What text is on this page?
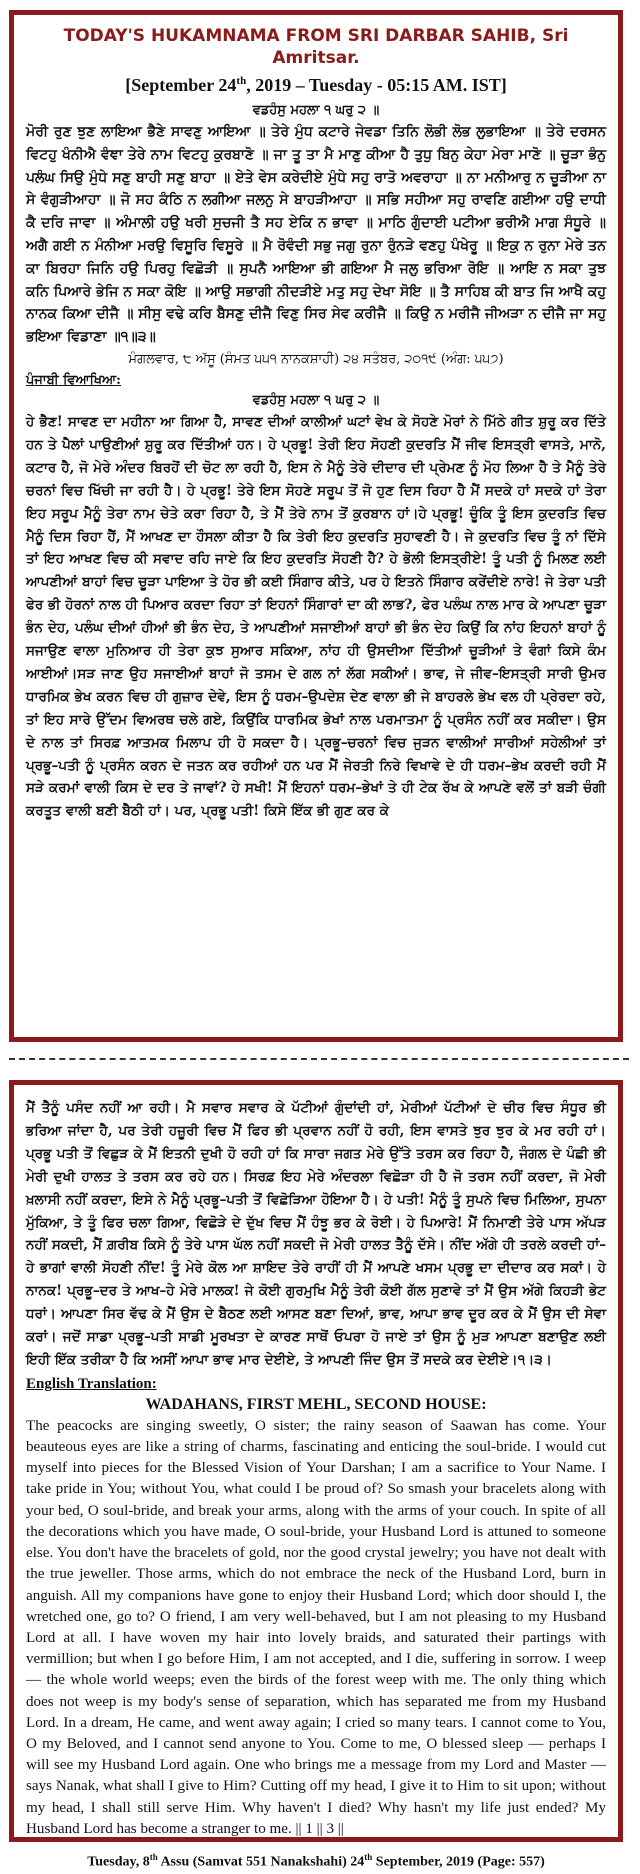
TODAY'S HUKAMNAMA FROM SRI DARBAR SAHIB, Sri Amritsar.
[September 24th, 2019 – Tuesday - 05:15 AM. IST]
ਵਡਹੰਸੁ ਮਹਲਾ ੧ ਘਰੁ ੨ ॥
ਮੋਰੀ ਰੁਣ ਝੁਣ ਲਾਇਆ ਭੈਣੇ ਸਾਵਣੁ ਆਇਆ ॥ ਤੇਰੇ ਮੁੰਧ ਕਟਾਰੇ ਜੇਵਡਾ ਤਿਨਿ ਲੋਭੀ ਲੋਭ ਲੁਭਾਇਆ ॥ ਤੇਰੇ ਦਰਸਨ ਵਿਟਹੁ ਖੰਨੀਐ ਵੰਞਾ ਤੇਰੇ ਨਾਮ ਵਿਟਹੁ ਕੁਰਬਾਣੋ ॥ ਜਾ ਤੂ ਤਾ ਮੈ ਮਾਣੁ ਕੀਆ ਹੈ ਤੁਧੁ ਬਿਨੁ ਕੇਹਾ ਮੇਰਾ ਮਾਣੋ ॥ ਚੂੜਾ ਭੰਨੁ ਪਲੰਘ ਸਿਉ ਮੁੰਧੇ ਸਣੁ ਬਾਹੀ ਸਣੁ ਬਾਹਾ ॥ ਏਤੇ ਵੇਸ ਕਰੇਦੀਏ ਮੁੰਧੇ ਸਹੁ ਰਾਤੋ ਅਵਰਾਹਾ ॥ ਨਾ ਮਨੀਆਰੁ ਨ ਚੂੜੀਆ ਨਾ ਸੇ ਵੰਗੁੜੀਆਹਾ ॥ ਜੋ ਸਹ ਕੰਠਿ ਨ ਲਗੀਆ ਜਲਨੁ ਸੇ ਬਾਹੜੀਆਹਾ ॥ ਸਭਿ ਸਹੀਆ ਸਹੁ ਰਾਵਣਿ ਗਈਆ ਹਉ ਦਾਧੀ ਕੈ ਦਰਿ ਜਾਵਾ ॥ ਅੰਮਾਲੀ ਹਉ ਖਰੀ ਸੁਚਜੀ ਤੈ ਸਹ ਏਕਿ ਨ ਭਾਵਾ ॥ ਮਾਠਿ ਗੁੰਦਾਈ ਪਟੀਆ ਭਰੀਐ ਮਾਗ ਸੰਧੂਰੇ ॥ ਅਗੈ ਗਈ ਨ ਮੰਨੀਆ ਮਰਉ ਵਿਸੂਰਿ ਵਿਸੂਰੇ ॥ ਮੈ ਰੋਵੰਦੀ ਸਭੁ ਜਗੁ ਰੁਨਾ ਰੁੰਨੜੇ ਵਣਹੁ ਪੰਖੇਰੂ ॥ ਇਕੁ ਨ ਰੁਨਾ ਮੇਰੇ ਤਨ ਕਾ ਬਿਰਹਾ ਜਿਨਿ ਹਉ ਪਿਰਹੁ ਵਿਛੋੜੀ ॥ ਸੁਪਨੈ ਆਇਆ ਭੀ ਗਇਆ ਮੈ ਜਲੁ ਭਰਿਆ ਰੋਇ ॥ ਆਇ ਨ ਸਕਾ ਤੁਝ ਕਨਿ ਪਿਆਰੇ ਭੇਜਿ ਨ ਸਕਾ ਕੋਇ ॥ ਆਉ ਸਭਾਗੀ ਨੀਦੜੀਏ ਮਤੁ ਸਹੁ ਦੇਖਾ ਸੋਇ ॥ ਤੈ ਸਾਹਿਬ ਕੀ ਬਾਤ ਜਿ ਆਖੈ ਕਹੁ ਨਾਨਕ ਕਿਆ ਦੀਜੈ ॥ ਸੀਸੁ ਵਢੇ ਕਰਿ ਬੈਸਣੁ ਦੀਜੈ ਵਿਣੁ ਸਿਰ ਸੇਵ ਕਰੀਜੈ ॥ ਕਿਉ ਨ ਮਰੀਜੈ ਜੀਅੜਾ ਨ ਦੀਜੈ ਜਾ ਸਹੁ ਭਇਆ ਵਿਡਾਣਾ ॥੧॥੩॥
ਮੰਗਲਵਾਰ, ੮ ਅੱਸੂ (ਸੰਮਤ ੫੫੧ ਨਾਨਕਸ਼ਾਹੀ) ੨੪ ਸਤੰਬਰ, ੨੦੧੯ (ਅੰਗ: ੫੫੭)
ਪੰਜਾਬੀ ਵਿਆਖਿਆ:
ਵਡਹੰਸੁ ਮਹਲਾ ੧ ਘਰੁ ੨ ॥
ਹੇ ਭੈਣ! ਸਾਵਣ ਦਾ ਮਹੀਨਾ ਆ ਗਿਆ ਹੈ, ਸਾਵਣ ਦੀਆਂ ਕਾਲੀਆਂ ਘਟਾਂ ਵੇਖ ਕੇ ਸੋਹਣੇ ਮੋਰਾਂ ਨੇ ਮਿੱਠੇ ਗੀਤ ਸ਼ੁਰੂ ਕਰ ਦਿੱਤੇ ਹਨ ਤੇ ਪੈਲਾਂ ਪਾਉਣੀਆਂ ਸ਼ੁਰੂ ਕਰ ਦਿੱਤੀਆਂ ਹਨ। ਹੇ ਪ੍ਰਭੂ! ਤੇਰੀ ਇਹ ਸੋਹਣੀ ਕੁਦਰਤਿ ਮੈਂ ਜੀਵ ਇਸਤ੍ਰੀ ਵਾਸਤੇ, ਮਾਨੋ, ਕਟਾਰ ਹੈ, ਜੋ ਮੇਰੇ ਅੰਦਰ ਬਿਰਹੋਂ ਦੀ ਚੋਟ ਲਾ ਰਹੀ ਹੈ, ਇਸ ਨੇ ਮੈਨੂੰ ਤੇਰੇ ਦੀਦਾਰ ਦੀ ਪ੍ਰੇਮਣ ਨੂੰ ਮੋਹ ਲਿਆ ਹੈ ਤੇ ਮੈਨੂੰ ਤੇਰੇ ਚਰਨਾਂ ਵਿਚ ਖਿੱਚੀ ਜਾ ਰਹੀ ਹੈ। ਹੇ ਪ੍ਰਭੂ! ਤੇਰੇ ਇਸ ਸੋਹਣੇ ਸਰੂਪ ਤੋਂ ਜੋ ਹੁਣ ਦਿਸ ਰਿਹਾ ਹੈ ਮੈਂ ਸਦਕੇ ਹਾਂ ਸਦਕੇ ਹਾਂ ਤੇਰਾ ਇਹ ਸਰੂਪ ਮੈਨੂੰ ਤੇਰਾ ਨਾਮ ਚੇਤੇ ਕਰਾ ਰਿਹਾ ਹੈ, ਤੇ ਮੈਂ ਤੇਰੇ ਨਾਮ ਤੋਂ ਕੁਰਬਾਨ ਹਾਂ।ਹੇ ਪ੍ਰਭੂ! ਚੂੰਕਿ ਤੂੰ ਇਸ ਕੁਦਰਤਿ ਵਿਚ ਮੈਨੂੰ ਦਿਸ ਰਿਹਾ ਹੈਂ, ਮੈਂ ਆਖਣ ਦਾ ਹੌਸਲਾ ਕੀਤਾ ਹੈ ਕਿ ਤੇਰੀ ਇਹ ਕੁਦਰਤਿ ਸੁਹਾਵਣੀ ਹੈ। ਜੇ ਕੁਦਰਤਿ ਵਿਚ ਤੂੰ ਨਾਂ ਦਿੱਸੇ ਤਾਂ ਇਹ ਆਖਣ ਵਿਚ ਕੀ ਸਵਾਦ ਰਹਿ ਜਾਏ ਕਿ ਇਹ ਕੁਦਰਤਿ ਸੋਹਣੀ ਹੈ? ਹੇ ਭੋਲੀ ਇਸਤ੍ਰੀਏ! ਤੂੰ ਪਤੀ ਨੂੰ ਮਿਲਣ ਲਈ ਆਪਣੀਆਂ ਬਾਹਾਂ ਵਿਚ ਚੂੜਾ ਪਾਇਆ ਤੇ ਹੋਰ ਭੀ ਕਈ ਸਿੰਗਾਰ ਕੀਤੇ, ਪਰ ਹੇ ਇਤਨੇ ਸਿੰਗਾਰ ਕਰੇਂਦੀਏ ਨਾਰੇ! ਜੇ ਤੇਰਾ ਪਤੀ ਫੇਰ ਭੀ ਹੋਰਨਾਂ ਨਾਲ ਹੀ ਪਿਆਰ ਕਰਦਾ ਰਿਹਾ ਤਾਂ ਇਹਨਾਂ ਸਿੰਗਾਰਾਂ ਦਾ ਕੀ ਲਾਭ?, ਫੇਰ ਪਲੰਘ ਨਾਲ ਮਾਰ ਕੇ ਆਪਣਾ ਚੂੜਾ ਭੰਨ ਦੇਹ, ਪਲੰਘ ਦੀਆਂ ਹੀਆਂ ਭੀ ਭੰਨ ਦੇਹ, ਤੇ ਆਪਣੀਆਂ ਸਜਾਈਆਂ ਬਾਹਾਂ ਭੀ ਭੰਨ ਦੇਹ ਕਿਉਂ ਕਿ ਨਾਂਹ ਇਹਨਾਂ ਬਾਹਾਂ ਨੂੰ ਸਜਾਉਣ ਵਾਲਾ ਮੁਨਿਆਰ ਹੀ ਤੇਰਾ ਕੁਝ ਸੁਆਰ ਸਕਿਆ, ਨਾਂਹ ਹੀ ਉਸਦੀਆ ਦਿੱਤੀਆਂ ਚੂੜੀਆਂ ਤੇ ਵੰਗਾਂ ਕਿਸੇ ਕੰਮ ਆਈਆਂ।ਸੜ ਜਾਣ ਉਹ ਸਜਾਈਆਂ ਬਾਹਾਂ ਜੋ ਤਸਮ ਦੇ ਗਲ ਨਾਂ ਲੱਗ ਸਕੀਆਂ। ਭਾਵ, ਜੇ ਜੀਵ–ਇਸਤ੍ਰੀ ਸਾਰੀ ਉਮਰ ਧਾਰਮਿਕ ਭੇਖ ਕਰਨ ਵਿਚ ਹੀ ਗੁਜ਼ਾਰ ਦੇਵੇ, ਇਸ ਨੂੰ ਧਰਮ–ਉਪਦੇਸ਼ ਦੇਣ ਵਾਲਾ ਭੀ ਜੇ ਬਾਹਰਲੇ ਭੇਖ ਵਲ ਹੀ ਪ੍ਰੇਰਦਾ ਰਹੇ, ਤਾਂ ਇਹ ਸਾਰੇ ਉੱਦਮ ਵਿਅਰਥ ਚਲੇ ਗਏ, ਕਿਉਂਕਿ ਧਾਰਮਿਕ ਭੇਖਾਂ ਨਾਲ ਪਰਮਾਤਮਾ ਨੂੰ ਪ੍ਰਸੰਨ ਨਹੀਂ ਕਰ ਸਕੀਦਾ। ਉਸ ਦੇ ਨਾਲ ਤਾਂ ਸਿਰਫ਼ ਆਤਮਕ ਮਿਲਾਪ ਹੀ ਹੋ ਸਕਦਾ ਹੈ। ਪ੍ਰਭੂ–ਚਰਨਾਂ ਵਿਚ ਜੁੜਨ ਵਾਲੀਆਂ ਸਾਰੀਆਂ ਸਹੇਲੀਆਂ ਤਾਂ ਪ੍ਰਭੂ–ਪਤੀ ਨੂੰ ਪ੍ਰਸੰਨ ਕਰਨ ਦੇ ਜਤਨ ਕਰ ਰਹੀਆਂ ਹਨ ਪਰ ਮੈਂ ਜੇਰਤੀ ਨਿਰੇ ਵਿਖਾਵੇ ਦੇ ਹੀ ਧਰਮ–ਭੇਖ ਕਰਦੀ ਰਹੀ ਮੈਂ ਸੜੇ ਕਰਮਾਂ ਵਾਲੀ ਕਿਸ ਦੇ ਦਰ ਤੇ ਜਾਵਾਂ? ਹੇ ਸਖੀ! ਮੈਂ ਇਹਨਾਂ ਧਰਮ–ਭੇਖਾਂ ਤੇ ਹੀ ਟੇਕ ਰੱਖ ਕੇ ਆਪਣੇ ਵਲੋਂ ਤਾਂ ਬੜੀ ਚੰਗੀ ਕਰਤੂਤ ਵਾਲੀ ਬਣੀ ਬੈਠੀ ਹਾਂ। ਪਰ, ਪ੍ਰਭੂ ਪਤੀ! ਕਿਸੇ ਇੱਕ ਭੀ ਗੁਣ ਕਰ ਕੇ
ਮੈਂ ਤੈਨੂੰ ਪਸੰਦ ਨਹੀਂ ਆ ਰਹੀ। ਮੈ ਸਵਾਰ ਸਵਾਰ ਕੇ ਪੱਟੀਆਂ ਗੁੰਦਾਂਦੀ ਹਾਂ, ਮੇਰੀਆਂ ਪੱਟੀਆਂ ਦੇ ਚੀਰ ਵਿਚ ਸੰਧੂਰ ਭੀ ਭਰਿਆ ਜਾਂਦਾ ਹੈ, ਪਰ ਤੇਰੀ ਹਜ਼ੂਰੀ ਵਿਚ ਮੈਂ ਫਿਰ ਭੀ ਪ੍ਰਵਾਨ ਨਹੀਂ ਹੋ ਰਹੀ, ਇਸ ਵਾਸਤੇ ਝੁਰ ਝੁਰ ਕੇ ਮਰ ਰਹੀ ਹਾਂ। ਪ੍ਰਭੂ ਪਤੀ ਤੋਂ ਵਿਛੁੜ ਕੇ ਮੈਂ ਇਤਨੀ ਦੁਖੀ ਹੋ ਰਹੀ ਹਾਂ ਕਿ ਸਾਰਾ ਜਗਤ ਮੇਰੇ ਉੱਤੇ ਤਰਸ ਕਰ ਰਿਹਾ ਹੈ, ਜੰਗਲ ਦੇ ਪੰਛੀ ਭੀ ਮੇਰੀ ਦੁਖੀ ਹਾਲਤ ਤੇ ਤਰਸ ਕਰ ਰਹੇ ਹਨ। ਸਿਰਫ਼ ਇਹ ਮੇਰੇ ਅੰਦਰਲਾ ਵਿਛੋੜਾ ਹੀ ਹੈ ਜੋ ਤਰਸ ਨਹੀਂ ਕਰਦਾ, ਜੋ ਮੇਰੀ ਖ਼ਲਾਸੀ ਨਹੀਂ ਕਰਦਾ, ਇਸੇ ਨੇ ਮੈਨੂੰ ਪ੍ਰਭੂ–ਪਤੀ ਤੋਂ ਵਿਛੋੜਿਆ ਹੋਇਆ ਹੈ। ਹੇ ਪਤੀ! ਮੈਨੂੰ ਤੂੰ ਸੁਪਨੇ ਵਿਚ ਮਿਲਿਆ, ਸੁਪਨਾ ਮੁੱਕਿਆ, ਤੇ ਤੂੰ ਫਿਰ ਚਲਾ ਗਿਆ, ਵਿਛੋੜੇ ਦੇ ਦੁੱਖ ਵਿਚ ਮੈਂ ਹੰਝੂ ਭਰ ਕੇ ਰੋਈ। ਹੇ ਪਿਆਰੇ! ਮੈਂ ਨਿਮਾਣੀ ਤੇਰੇ ਪਾਸ ਅੱਪੜ ਨਹੀਂ ਸਕਦੀ, ਮੈਂ ਗ਼ਰੀਬ ਕਿਸੇ ਨੂੰ ਤੇਰੇ ਪਾਸ ਘੱਲ ਨਹੀਂ ਸਕਦੀ ਜੋ ਮੇਰੀ ਹਾਲਤ ਤੈਨੂੰ ਦੱਸੇ। ਨੀਂਦ ਅੱਗੇ ਹੀ ਤਰਲੇ ਕਰਦੀ ਹਾਂ–ਹੇ ਭਾਗਾਂ ਵਾਲੀ ਸੋਹਣੀ ਨੀਂਦ! ਤੂੰ ਮੇਰੇ ਕੋਲ ਆ ਸ਼ਾਇਦ ਤੇਰੇ ਰਾਹੀਂ ਹੀ ਮੈਂ ਆਪਣੇ ਖਸਮ ਪ੍ਰਭੂ ਦਾ ਦੀਦਾਰ ਕਰ ਸਕਾਂ। ਹੇ ਨਾਨਕ! ਪ੍ਰਭੂ–ਦਰ ਤੇ ਆਖ–ਹੇ ਮੇਰੇ ਮਾਲਕ! ਜੇ ਕੋਈ ਗੁਰਮੁਖਿ ਮੈਨੂੰ ਤੇਰੀ ਕੋਈ ਗੱਲ ਸੁਣਾਵੇ ਤਾਂ ਮੈਂ ਉਸ ਅੱਗੇ ਕਿਹੜੀ ਭੇਟ ਧਰਾਂ। ਆਪਣਾ ਸਿਰ ਵੱਢ ਕੇ ਮੈਂ ਉਸ ਦੇ ਬੈਠਣ ਲਈ ਆਸਣ ਬਣਾ ਦਿਆਂ, ਭਾਵ, ਆਪਾ ਭਾਵ ਦੂਰ ਕਰ ਕੇ ਮੈਂ ਉਸ ਦੀ ਸੇਵਾ ਕਰਾਂ। ਜਦੋਂ ਸਾਡਾ ਪ੍ਰਭੂ–ਪਤੀ ਸਾਡੀ ਮੂਰਖਤਾ ਦੇ ਕਾਰਣ ਸਾਥੋਂ ਓਪਰਾ ਹੋ ਜਾਏ ਤਾਂ ਉਸ ਨੂੰ ਮੁੜ ਆਪਣਾ ਬਣਾਉਣ ਲਈ ਇਹੀ ਇੱਕ ਤਰੀਕਾ ਹੈ ਕਿ ਅਸੀਂ ਆਪਾ ਭਾਵ ਮਾਰ ਦੇਈਏ, ਤੇ ਆਪਣੀ ਜਿੰਦ ਉਸ ਤੋਂ ਸਦਕੇ ਕਰ ਦੇਈਏ।੧।੩।
English Translation:
WADAHANS, FIRST MEHL, SECOND HOUSE:
The peacocks are singing sweetly, O sister; the rainy season of Saawan has come. Your beauteous eyes are like a string of charms, fascinating and enticing the soul-bride. I would cut myself into pieces for the Blessed Vision of Your Darshan; I am a sacrifice to Your Name. I take pride in You; without You, what could I be proud of? So smash your bracelets along with your bed, O soul-bride, and break your arms, along with the arms of your couch. In spite of all the decorations which you have made, O soul-bride, your Husband Lord is attuned to someone else. You don't have the bracelets of gold, nor the good crystal jewelry; you have not dealt with the true jeweller. Those arms, which do not embrace the neck of the Husband Lord, burn in anguish. All my companions have gone to enjoy their Husband Lord; which door should I, the wretched one, go to? O friend, I am very well-behaved, but I am not pleasing to my Husband Lord at all. I have woven my hair into lovely braids, and saturated their partings with vermillion; but when I go before Him, I am not accepted, and I die, suffering in sorrow. I weep — the whole world weeps; even the birds of the forest weep with me. The only thing which does not weep is my body's sense of separation, which has separated me from my Husband Lord. In a dream, He came, and went away again; I cried so many tears. I cannot come to You, O my Beloved, and I cannot send anyone to You. Come to me, O blessed sleep — perhaps I will see my Husband Lord again. One who brings me a message from my Lord and Master — says Nanak, what shall I give to Him? Cutting off my head, I give it to Him to sit upon; without my head, I shall still serve Him. Why haven't I died? Why hasn't my life just ended? My Husband Lord has become a stranger to me. || 1 || 3 ||
Tuesday, 8th Assu (Samvat 551 Nanakshahi) 24th September, 2019 (Page: 557)
